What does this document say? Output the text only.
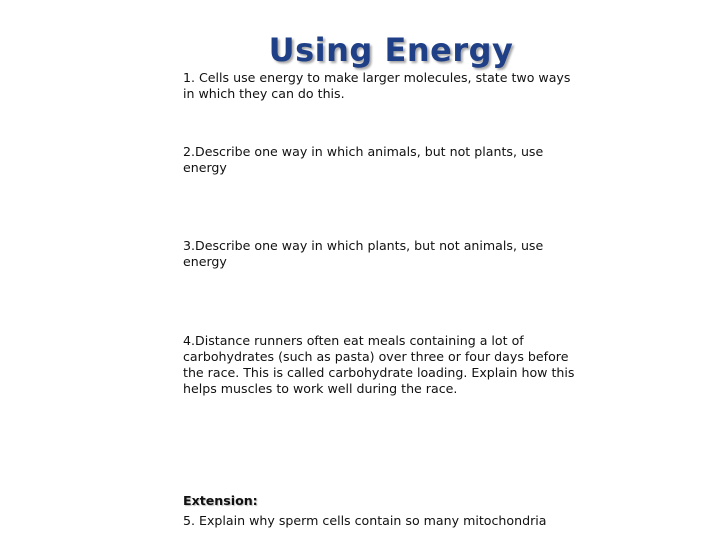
Using Energy

1. Cells use energy to make larger molecules, state two ways in which they can do this.

2.Describe one way in which animals, but not plants, use energy

3.Describe one way in which plants, but not animals, use energy

4.Distance runners often eat meals containing a lot of carbohydrates (such as pasta) over three or four days before the race. This is called carbohydrate loading. Explain how this helps muscles to work well during the race.

Extension:

5. Explain why sperm cells contain so many mitochondria
